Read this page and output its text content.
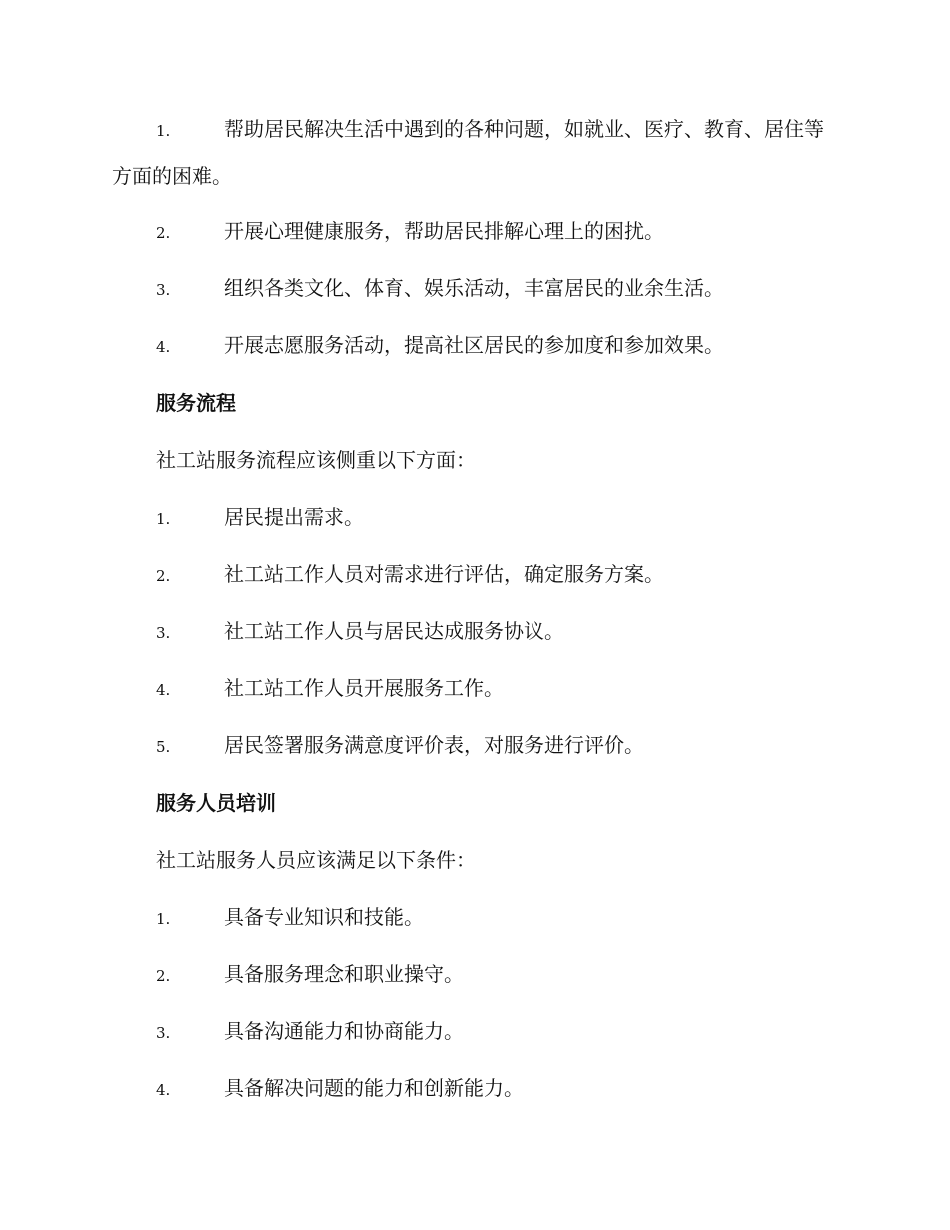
1.	帮助居民解决生活中遇到的各种问题，如就业、医疗、教育、居住等方面的困难。
2.	开展心理健康服务，帮助居民排解心理上的困扰。
3.	组织各类文化、体育、娱乐活动，丰富居民的业余生活。
4.	开展志愿服务活动，提高社区居民的参加度和参加效果。
服务流程
社工站服务流程应该侧重以下方面：
1.	居民提出需求。
2.	社工站工作人员对需求进行评估，确定服务方案。
3.	社工站工作人员与居民达成服务协议。
4.	社工站工作人员开展服务工作。
5.	居民签署服务满意度评价表，对服务进行评价。
服务人员培训
社工站服务人员应该满足以下条件：
1.	具备专业知识和技能。
2.	具备服务理念和职业操守。
3.	具备沟通能力和协商能力。
4.	具备解决问题的能力和创新能力。
